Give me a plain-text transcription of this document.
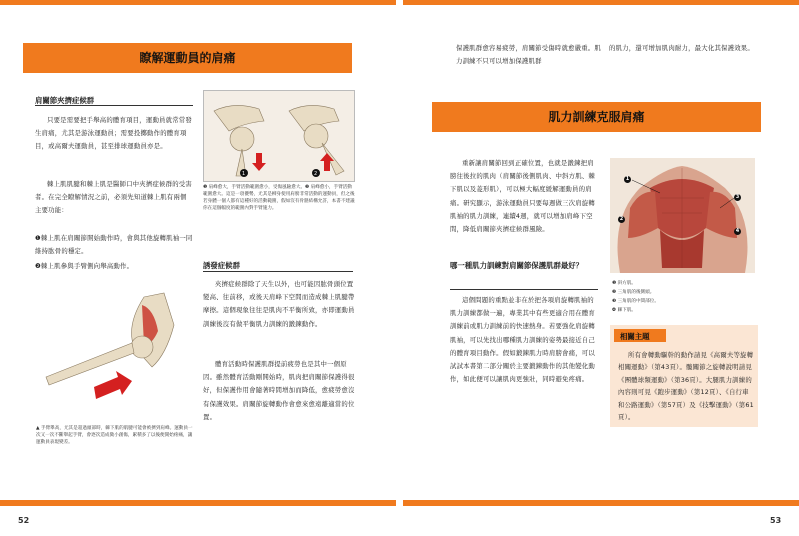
瞭解運動員的肩痛
肩關節夾擠症候群
只要是需要把手舉高的體育項目，運動員就常常發生肩痛，尤其是游泳運動員；需要投擲動作的體育項目，或高爾夫運動員，甚至排球運動員亦是。
棘上肌肌腱和棘上肌是醫師口中夾擠症候群的受害者。在完全瞭解情況之前，必須先知道棘上肌有兩個主要功能：
❶棘上肌在肩關節開始動作時，會與其他旋轉肌袖一同維持肱骨的穩定。
❷棘上肌參與手臂側向舉高動作。
1	2
❶ 肩峰愈大，手臂活動範圍愈小，受傷風險愈大。❷ 肩峰愈小，手臂活動範圍愈大。這是一項優勢，尤其是柳身使用肩膀非常活動的運動員，但之後若身體一個人都有這種好的活動範圍，假如沒有骨骼結構允許，本書不建議你在這個幅度的範圍內對手臂施力。
誘發症候群
夾擠症候群除了天生以外，也可能因肱骨頭位置變高、往前移，或後天肩峰下空間而造成棘上肌腱帶摩擦。這個現象往往是肌肉不平衡所致，亦即運動員訓練後沒有做平衡肌力訓練的鍛鍊動作。
體育活動時保護肌群提前疲勞也是其中一個原因。雖然體育活動剛開始時，肌肉把肩關節保護得很好，但保護作用會隨著時間增加而降低，愈疲勞愈沒有保護效果。肩關節旋轉動作會愈來愈遠離適當的位置。
▲ 手臂舉高，尤其是超過頭部時，棘下肌的肌腱可能會被擠到肩峰。運動員一次又一次不斷舉起手臂，會逐次造成微小創傷，累積多了以後便開始疼痛，讓運動員表現變差。
52
保護肌群愈容易疲勞，肩關節受傷時就愈嚴重。肌力訓練不只可以增加保護肌群
的肌力，還可增加肌肉耐力，最大化其保護效果。
肌力訓練克服肩痛
重新讓肩關節回到正確位置，也就是鍛鍊把肩膀往後拉的肌肉（肩關節後側肌肉、中斜方肌、棘下肌以及菱形肌），可以極大幅度緩解運動員的肩痛。研究顯示，游泳運動員只要每週做三次肩旋轉肌袖的肌力訓練，連續4週，就可以增加肩峰下空間，降低肩關節夾擠症候群風險。
哪一種肌力訓練對肩關節保護肌群最好？
這個問題的重點並非在於把各項肩旋轉肌袖的肌力訓練都做一遍，專業其中有些更適合用在體育訓練前或肌力訓練前的快速熱身。若要強化肩旋轉肌袖，可以先找出哪種肌力訓練的姿勢最接近自己的體育項目動作。假如鍛鍊肌力時肩膀會痛，可以試試本書第二部分關於主要鍛鍊動作的其他變化動作，如此便可以讓肌肉更強壯，同時避免疼痛。
1
2
3
4
❶ 斜方肌。
❷ 三角肌的後側頭。
❸ 三角肌的中間部位。
❹ 棘下肌。
相關主題
所有會轉動驅幹的動作請見《高爾夫等旋轉相關運動》（第43頁）。髖關節之旋轉說明請見《團體球類運動》（第36頁）。大腿肌力訓練的內容則可見《跑步運動》（第12頁）、《自行車和公路運動》（第57頁）及《技擊運動》（第61頁）。
53
